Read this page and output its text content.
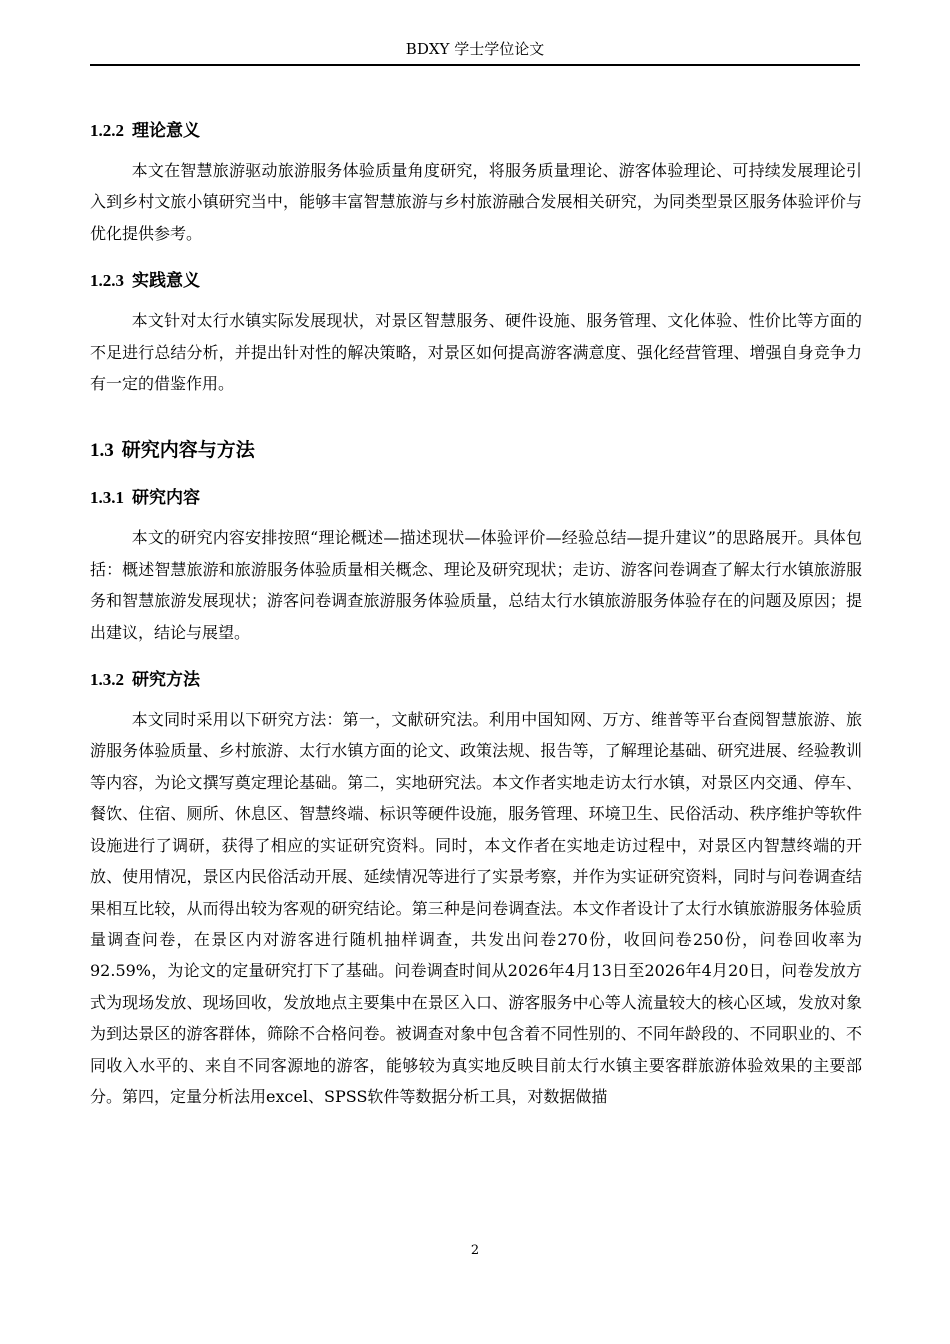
BDXY 学士学位论文
1.2.2 理论意义

本文在智慧旅游驱动旅游服务体验质量角度研究，将服务质量理论、游客体验理论、可持续发展理论引入到乡村文旅小镇研究当中，能够丰富智慧旅游与乡村旅游融合发展相关研究，为同类型景区服务体验评价与优化提供参考。

1.2.3 实践意义

本文针对太行水镇实际发展现状，对景区智慧服务、硬件设施、服务管理、文化体验、性价比等方面的不足进行总结分析，并提出针对性的解决策略，对景区如何提高游客满意度、强化经营管理、增强自身竞争力有一定的借鉴作用。

1.3 研究内容与方法
1.3.1 研究内容

本文的研究内容安排按照“理论概述—描述现状—体验评价—经验总结—提升建议”的思路展开。具体包括：概述智慧旅游和旅游服务体验质量相关概念、理论及研究现状；走访、游客问卷调查了解太行水镇旅游服务和智慧旅游发展现状；游客问卷调查旅游服务体验质量，总结太行水镇旅游服务体验存在的问题及原因；提出建议，结论与展望。

1.3.2 研究方法

本文同时采用以下研究方法：第一，文献研究法。利用中国知网、万方、维普等平台查阅智慧旅游、旅游服务体验质量、乡村旅游、太行水镇方面的论文、政策法规、报告等，了解理论基础、研究进展、经验教训等内容，为论文撰写奠定理论基础。第二，实地研究法。本文作者实地走访太行水镇，对景区内交通、停车、餐饮、住宿、厕所、休息区、智慧终端、标识等硬件设施，服务管理、环境卫生、民俗活动、秩序维护等软件设施进行了调研，获得了相应的实证研究资料。同时，本文作者在实地走访过程中，对景区内智慧终端的开放、使用情况，景区内民俗活动开展、延续情况等进行了实景考察，并作为实证研究资料，同时与问卷调查结果相互比较，从而得出较为客观的研究结论。第三种是问卷调查法。本文作者设计了太行水镇旅游服务体验质量调查问卷，在景区内对游客进行随机抽样调查，共发出问卷270份，收回问卷250份，问卷回收率为92.59%，为论文的定量研究打下了基础。问卷调查时间从2026年4月13日至2026年4月20日，问卷发放方式为现场发放、现场回收，发放地点主要集中在景区入口、游客服务中心等人流量较大的核心区域，发放对象为到达景区的游客群体，筛除不合格问卷。被调查对象中包含着不同性别的、不同年龄段的、不同职业的、不同收入水平的、来自不同客源地的游客，能够较为真实地反映目前太行水镇主要客群旅游体验效果的主要部分。第四，定量分析法用excel、SPSS软件等数据分析工具，对数据做描

2
